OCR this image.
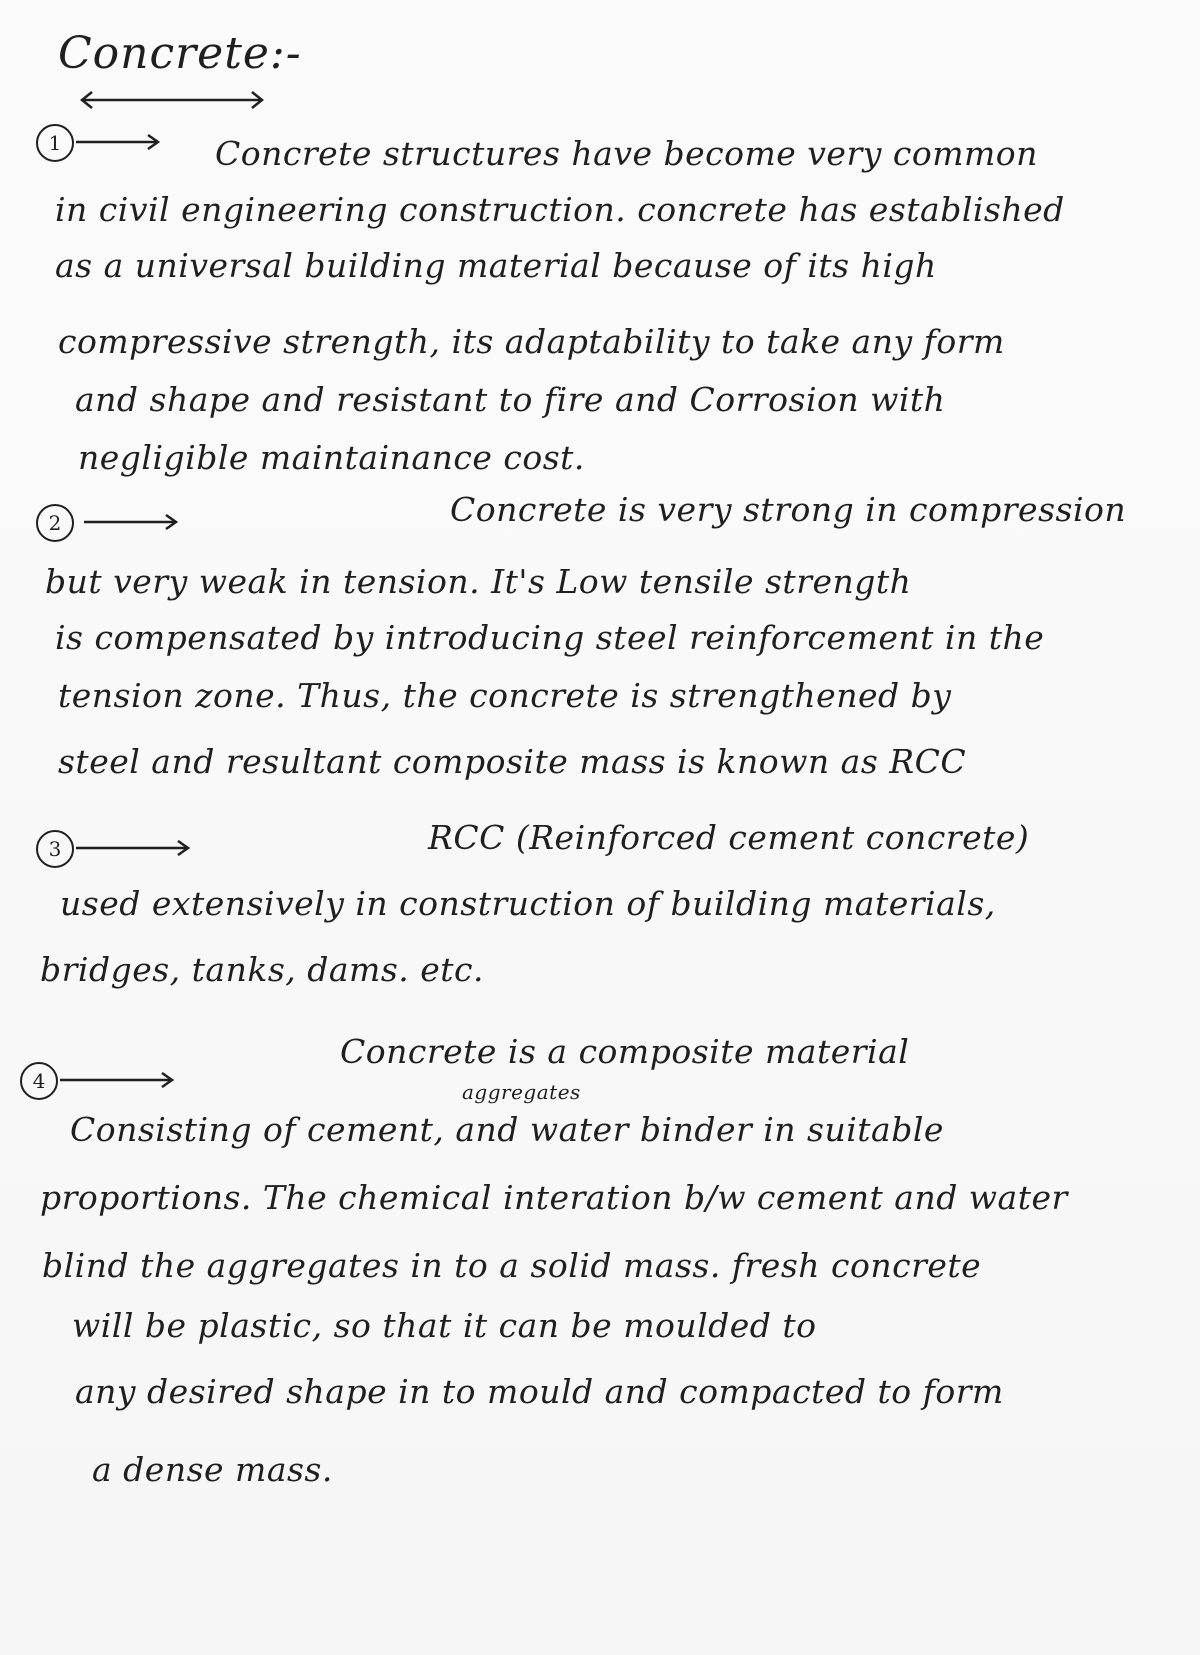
Concrete:-
1	Concrete structures have become very common
in civil engineering construction. concrete has established
as a universal building material because of its high
compressive strength, its adaptability to take any form
and shape and resistant to fire and Corrosion with
negligible maintainance cost.
2	Concrete is very strong in compression
but very weak in tension. It's Low tensile strength
is compensated by introducing steel reinforcement in the
tension zone. Thus, the concrete is strengthened by
steel and resultant composite mass is known as RCC
3	RCC (Reinforced cement concrete)
used extensively in construction of building materials,
bridges, tanks, dams. etc.
4
Concrete is a composite material
aggregates
Consisting of cement, and water binder in suitable
proportions. The chemical interation b/w cement and water
blind the aggregates in to a solid mass. fresh concrete
will be plastic, so that it can be moulded to
any desired shape in to mould and compacted to form
a dense mass.
